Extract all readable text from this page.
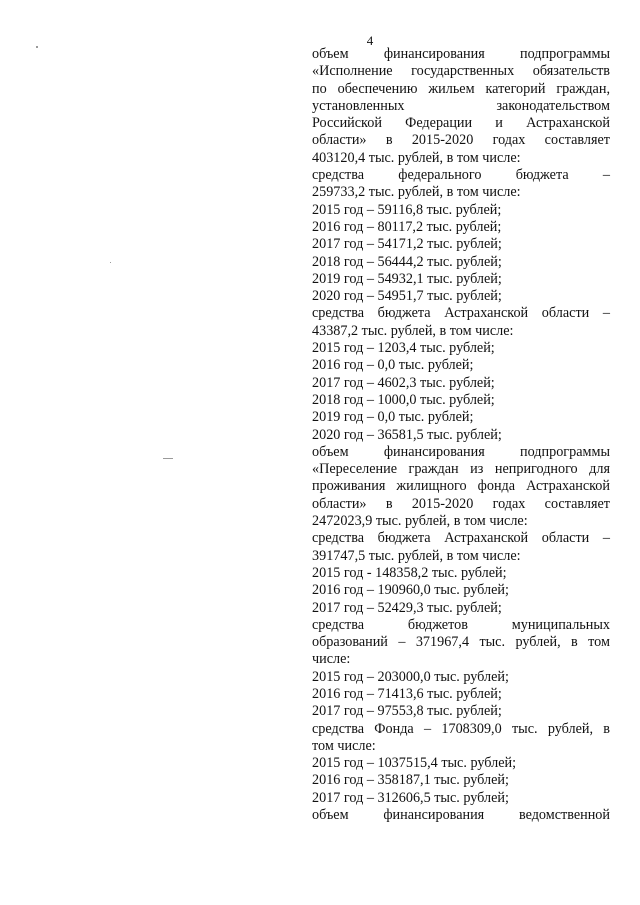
4
объем финансирования подпрограммы
«Исполнение государственных обязательств
по обеспечению жильем категорий граждан,
установленных законодательством
Российской Федерации и Астраханской
области» в 2015-2020 годах составляет
403120,4 тыс. рублей, в том числе:
средства федерального бюджета –
259733,2 тыс. рублей, в том числе:
2015 год – 59116,8 тыс. рублей;
2016 год – 80117,2 тыс. рублей;
2017 год – 54171,2 тыс. рублей;
2018 год – 56444,2 тыс. рублей;
2019 год – 54932,1 тыс. рублей;
2020 год – 54951,7 тыс. рублей;
средства бюджета Астраханской области –
43387,2 тыс. рублей, в том числе:
2015 год – 1203,4 тыс. рублей;
2016 год – 0,0 тыс. рублей;
2017 год – 4602,3 тыс. рублей;
2018 год – 1000,0 тыс. рублей;
2019 год – 0,0 тыс. рублей;
2020 год – 36581,5 тыс. рублей;
объем финансирования подпрограммы
«Переселение граждан из непригодного для
проживания жилищного фонда Астраханской
области» в 2015-2020 годах составляет
2472023,9 тыс. рублей, в том числе:
средства бюджета Астраханской области –
391747,5 тыс. рублей, в том числе:
2015 год - 148358,2 тыс. рублей;
2016 год – 190960,0 тыс. рублей;
2017 год – 52429,3 тыс. рублей;
средства бюджетов муниципальных
образований – 371967,4 тыс. рублей, в том
числе:
2015 год – 203000,0 тыс. рублей;
2016 год – 71413,6 тыс. рублей;
2017 год – 97553,8 тыс. рублей;
средства Фонда – 1708309,0 тыс. рублей, в
том числе:
2015 год – 1037515,4 тыс. рублей;
2016 год – 358187,1 тыс. рублей;
2017 год – 312606,5 тыс. рублей;
объем финансирования ведомственной
